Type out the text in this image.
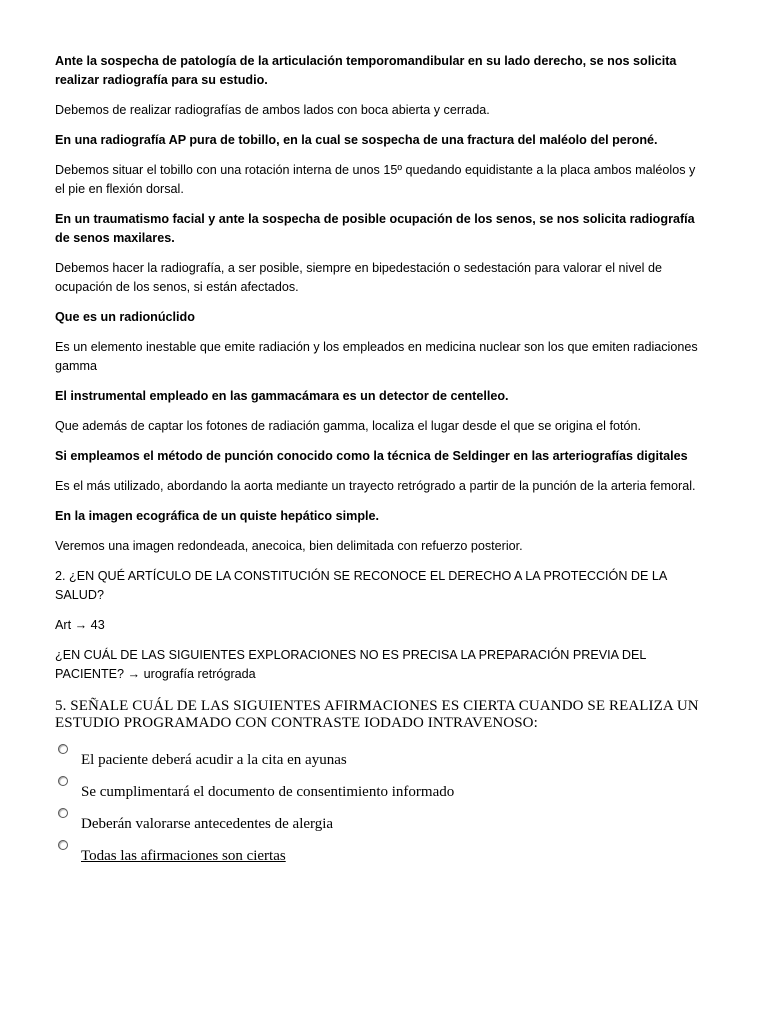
Ante la sospecha de patología de la articulación temporomandibular en su lado derecho, se nos solicita realizar radiografía para su estudio.

Debemos de realizar radiografías de ambos lados con boca abierta y cerrada.

En una radiografía AP pura de tobillo, en la cual se sospecha de una fractura del maléolo del peroné.

Debemos situar el tobillo con una rotación interna de unos 15º quedando equidistante a la placa ambos maléolos y el pie en flexión dorsal.

En un traumatismo facial y ante la sospecha de posible ocupación de los senos, se nos solicita radiografía de senos maxilares.

Debemos hacer la radiografía, a ser posible, siempre en bipedestación o sedestación para valorar el nivel de ocupación de los senos, si están afectados.

Que es un radionúclido

Es un elemento inestable que emite radiación y los empleados en medicina nuclear son los que emiten radiaciones gamma

El instrumental empleado en las gammacámara es un detector de centelleo.

Que además de captar los fotones de radiación gamma, localiza el lugar desde el que se origina el fotón.

Si empleamos el método de punción conocido como la técnica de Seldinger en las arteriografías digitales

Es el más utilizado, abordando la aorta mediante un trayecto retrógrado a partir de la punción de la arteria femoral.

En la imagen ecográfica de un quiste hepático simple.

Veremos una imagen redondeada, anecoica, bien delimitada con refuerzo posterior.

2. ¿EN QUÉ ARTÍCULO DE LA CONSTITUCIÓN SE RECONOCE EL DERECHO A LA PROTECCIÓN DE LA SALUD?

Art → 43

¿EN CUÁL DE LAS SIGUIENTES EXPLORACIONES NO ES PRECISA LA PREPARACIÓN PREVIA DEL PACIENTE? → urografía retrógrada

5. SEÑALE CUÁL DE LAS SIGUIENTES AFIRMACIONES ES CIERTA CUANDO SE REALIZA UN ESTUDIO PROGRAMADO CON CONTRASTE IODADO INTRAVENOSO:

El paciente deberá acudir a la cita en ayunas
Se cumplimentará el documento de consentimiento informado
Deberán valorarse antecedentes de alergia
Todas las afirmaciones son ciertas
